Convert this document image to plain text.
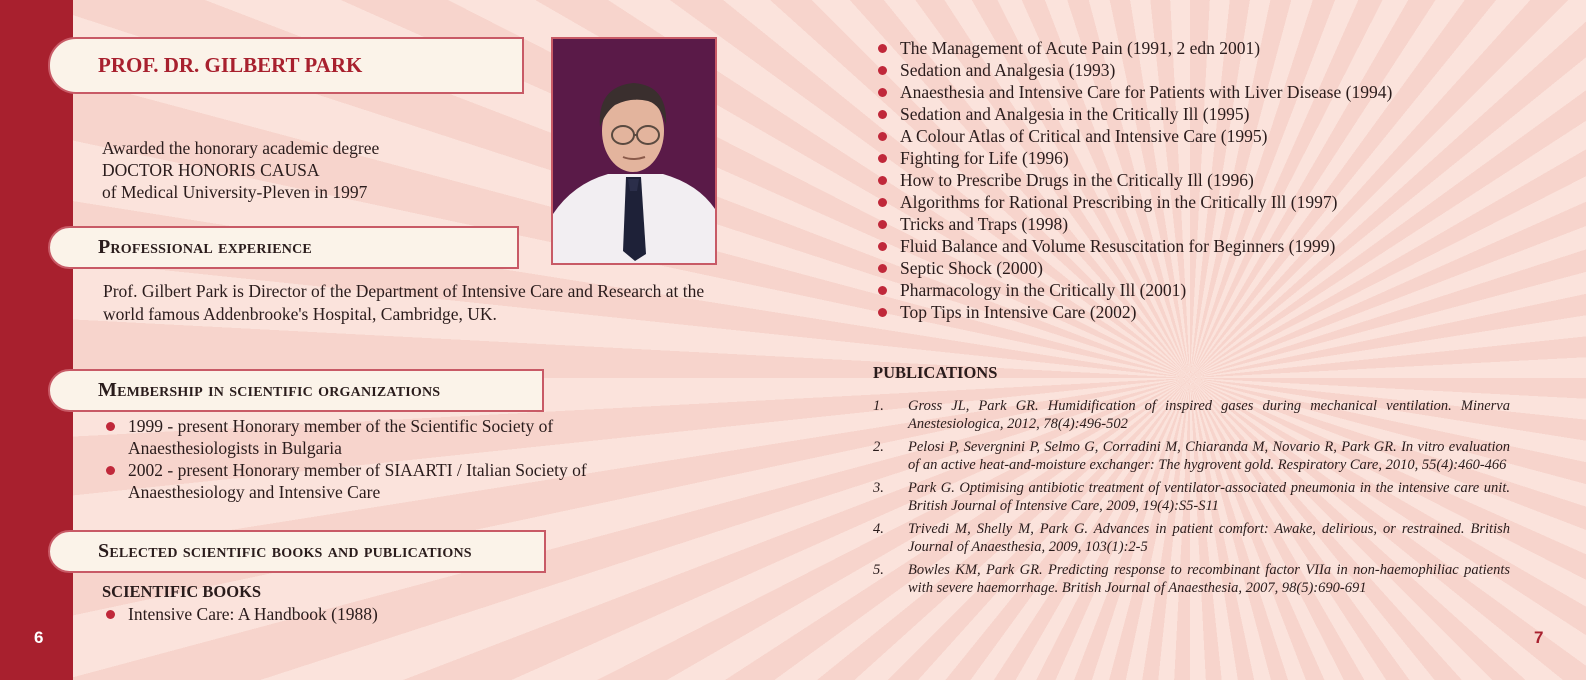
6	7
PROF. DR. GILBERT PARK
Awarded the honorary academic degree
DOCTOR HONORIS CAUSA
of Medical University-Pleven in 1997
Professional experience
Prof. Gilbert Park is Director of the Department of Intensive Care and Research at the world famous Addenbrooke's Hospital, Cambridge, UK.
Membership in scientific organizations
1999 - present Honorary member of the Scientific Society of Anaesthesiologists in Bulgaria
2002 - present Honorary member of SIAARTI / Italian Society of Anaesthesiology and Intensive Care
Selected scientific books and publications
SCIENTIFIC BOOKS
Intensive Care: A Handbook (1988)
The Management of Acute Pain (1991, 2 edn 2001)
Sedation and Analgesia (1993)
Anaesthesia and Intensive Care for Patients with Liver Disease (1994)
Sedation and Analgesia in the Critically Ill (1995)
A Colour Atlas of Critical and Intensive Care (1995)
Fighting for Life (1996)
How to Prescribe Drugs in the Critically Ill (1996)
Algorithms for Rational Prescribing in the Critically Ill (1997)
Tricks and Traps (1998)
Fluid Balance and Volume Resuscitation for Beginners (1999)
Septic Shock (2000)
Pharmacology in the Critically Ill (2001)
Top Tips in Intensive Care (2002)
PUBLICATIONS
1. Gross JL, Park GR. Humidification of inspired gases during mechanical ventilation. Minerva Anestesiologica, 2012, 78(4):496-502
2. Pelosi P, Severgnini P, Selmo G, Corradini M, Chiaranda M, Novario R, Park GR. In vitro evaluation of an active heat-and-moisture exchanger: The hygrovent gold. Respiratory Care, 2010, 55(4):460-466
3. Park G. Optimising antibiotic treatment of ventilator-associated pneumonia in the intensive care unit. British Journal of Intensive Care, 2009, 19(4):S5-S11
4. Trivedi M, Shelly M, Park G. Advances in patient comfort: Awake, delirious, or restrained. British Journal of Anaesthesia, 2009, 103(1):2-5
5. Bowles KM, Park GR. Predicting response to recombinant factor VIIa in non-haemophiliac patients with severe haemorrhage. British Journal of Anaesthesia, 2007, 98(5):690-691
